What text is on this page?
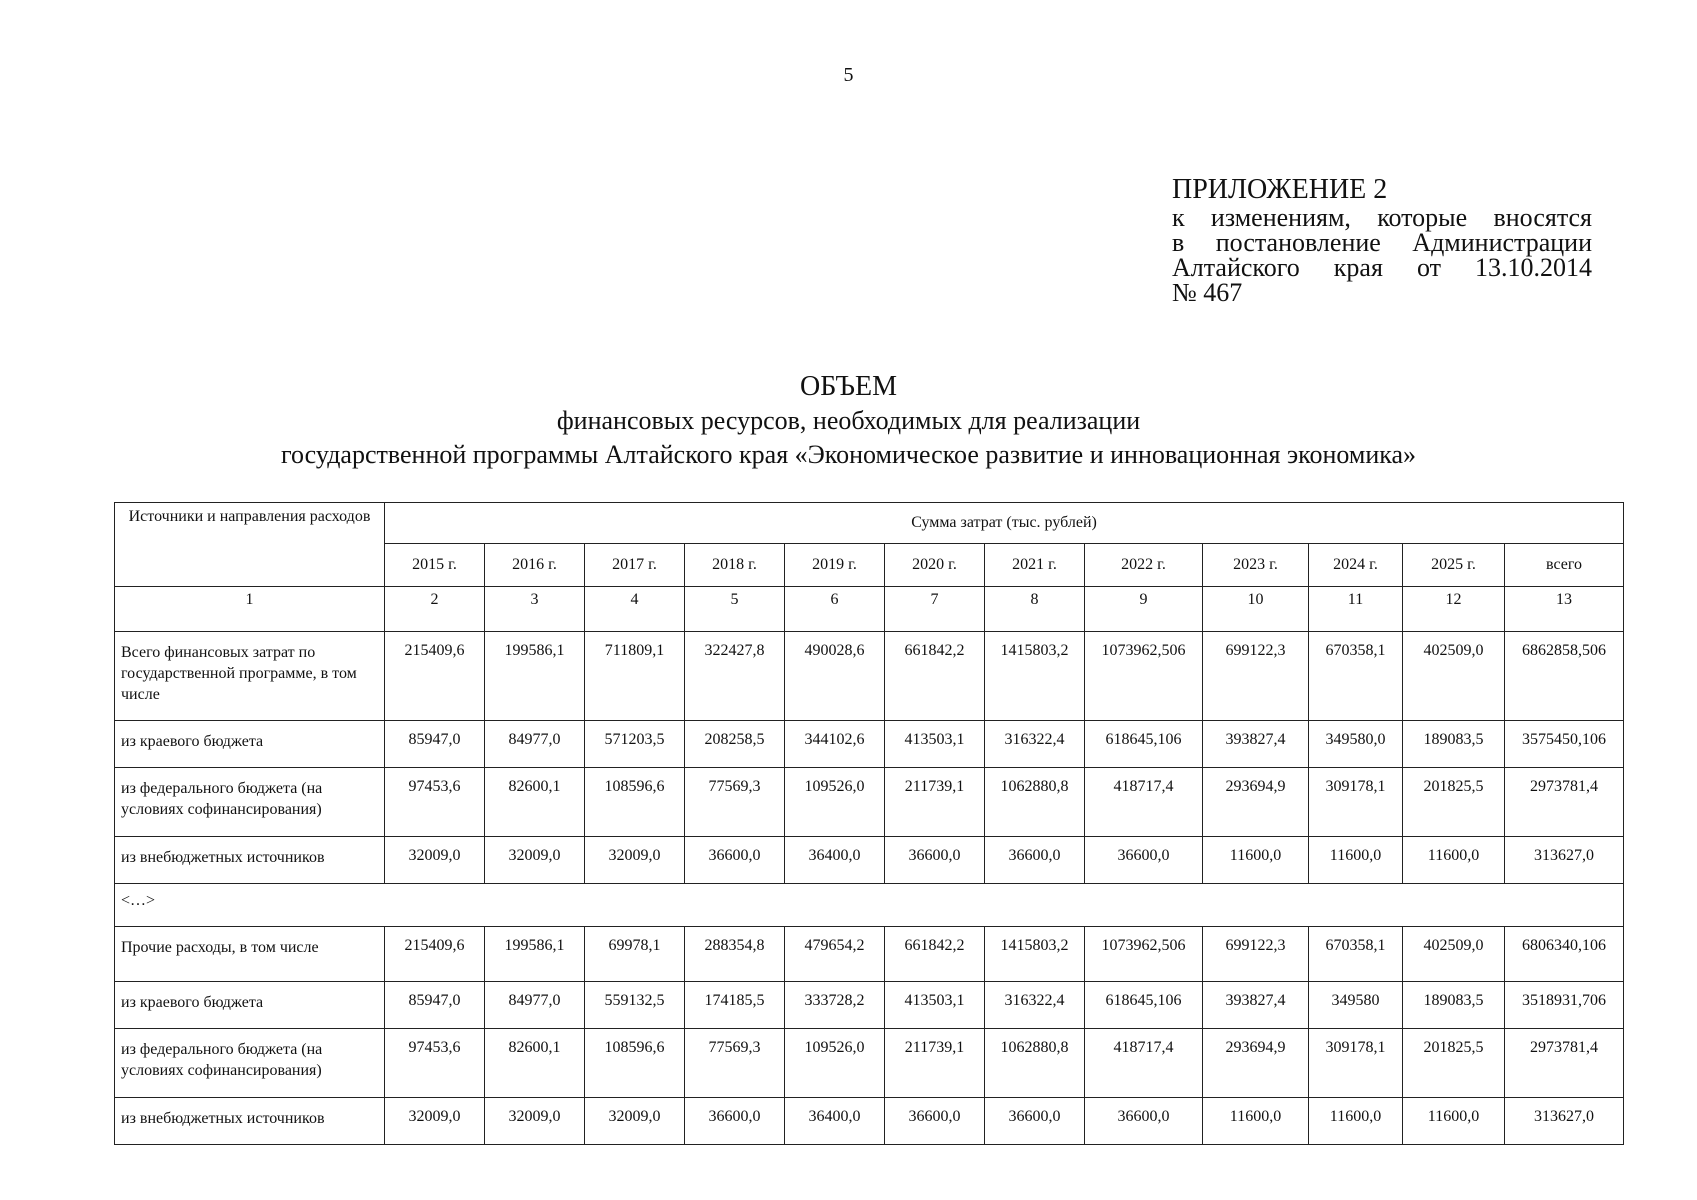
5
ПРИЛОЖЕНИЕ 2
к изменениям, которые вносятся
в постановление Администрации
Алтайского края от 13.10.2014
№ 467
ОБЪЕМ
финансовых ресурсов, необходимых для реализации
государственной программы Алтайского края «Экономическое развитие и инновационная экономика»
Источники и направления расходов	Сумма затрат (тыс. рублей)											
	2015 г.	2016 г.	2017 г.	2018 г.	2019 г.	2020 г.	2021 г.	2022 г.	2023 г.	2024 г.	2025 г.	всего
1	2	3	4	5	6	7	8	9	10	11	12	13
Всего финансовых затрат по государственной программе, в том числе	215409,6	199586,1	711809,1	322427,8	490028,6	661842,2	1415803,2	1073962,506	699122,3	670358,1	402509,0	6862858,506
из краевого бюджета	85947,0	84977,0	571203,5	208258,5	344102,6	413503,1	316322,4	618645,106	393827,4	349580,0	189083,5	3575450,106
из федерального бюджета (на условиях софинансирования)	97453,6	82600,1	108596,6	77569,3	109526,0	211739,1	1062880,8	418717,4	293694,9	309178,1	201825,5	2973781,4
из внебюджетных источников	32009,0	32009,0	32009,0	36600,0	36400,0	36600,0	36600,0	36600,0	11600,0	11600,0	11600,0	313627,0
<…>												
Прочие расходы, в том числе	215409,6	199586,1	69978,1	288354,8	479654,2	661842,2	1415803,2	1073962,506	699122,3	670358,1	402509,0	6806340,106
из краевого бюджета	85947,0	84977,0	559132,5	174185,5	333728,2	413503,1	316322,4	618645,106	393827,4	349580	189083,5	3518931,706
из федерального бюджета (на условиях софинансирования)	97453,6	82600,1	108596,6	77569,3	109526,0	211739,1	1062880,8	418717,4	293694,9	309178,1	201825,5	2973781,4
из внебюджетных источников	32009,0	32009,0	32009,0	36600,0	36400,0	36600,0	36600,0	36600,0	11600,0	11600,0	11600,0	313627,0
